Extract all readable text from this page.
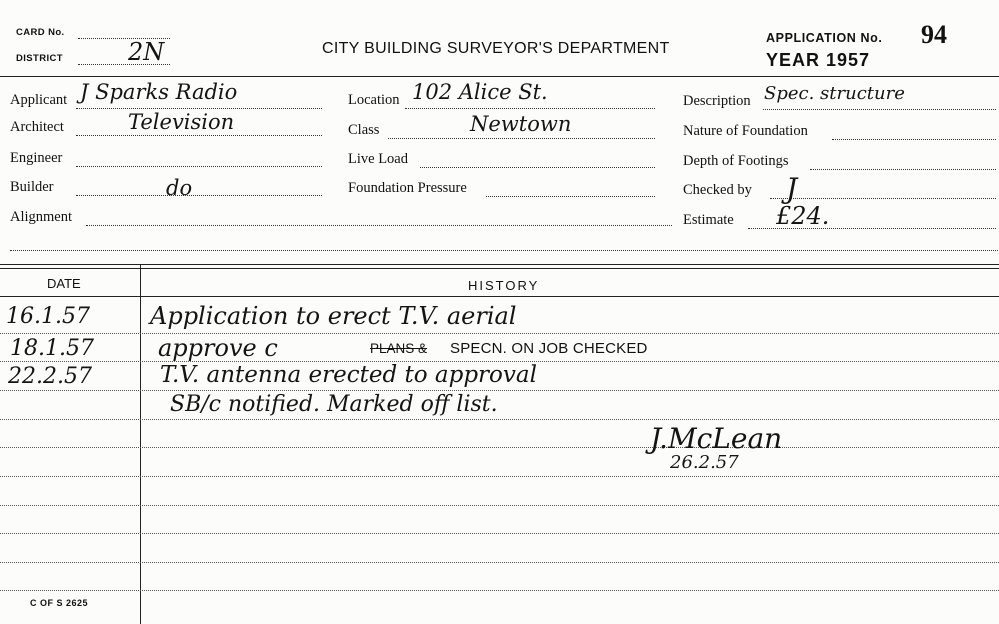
CARD No.
DISTRICT	2N	CITY BUILDING SURVEYOR'S DEPARTMENT
APPLICATION No. 94
YEAR 1957
Applicant J Sparks Radio
Architect	Television
Engineer
Builder	do
Alignment
Location 102 Alice St.
Class	Newtown
Live Load
Foundation Pressure
Description Spec. structure
Nature of Foundation
Depth of Footings
Checked by J
Estimate £24.
DATE	HISTORY
16.1.57	Application to erect T.V. aerial
18.1.57	approve c	PLANS & SPECN. ON JOB CHECKED
22.2.57	T.V. antenna erected to approval
SB/c notified. Marked off list.
J.McLean
26.2.57
C OF S 2625
